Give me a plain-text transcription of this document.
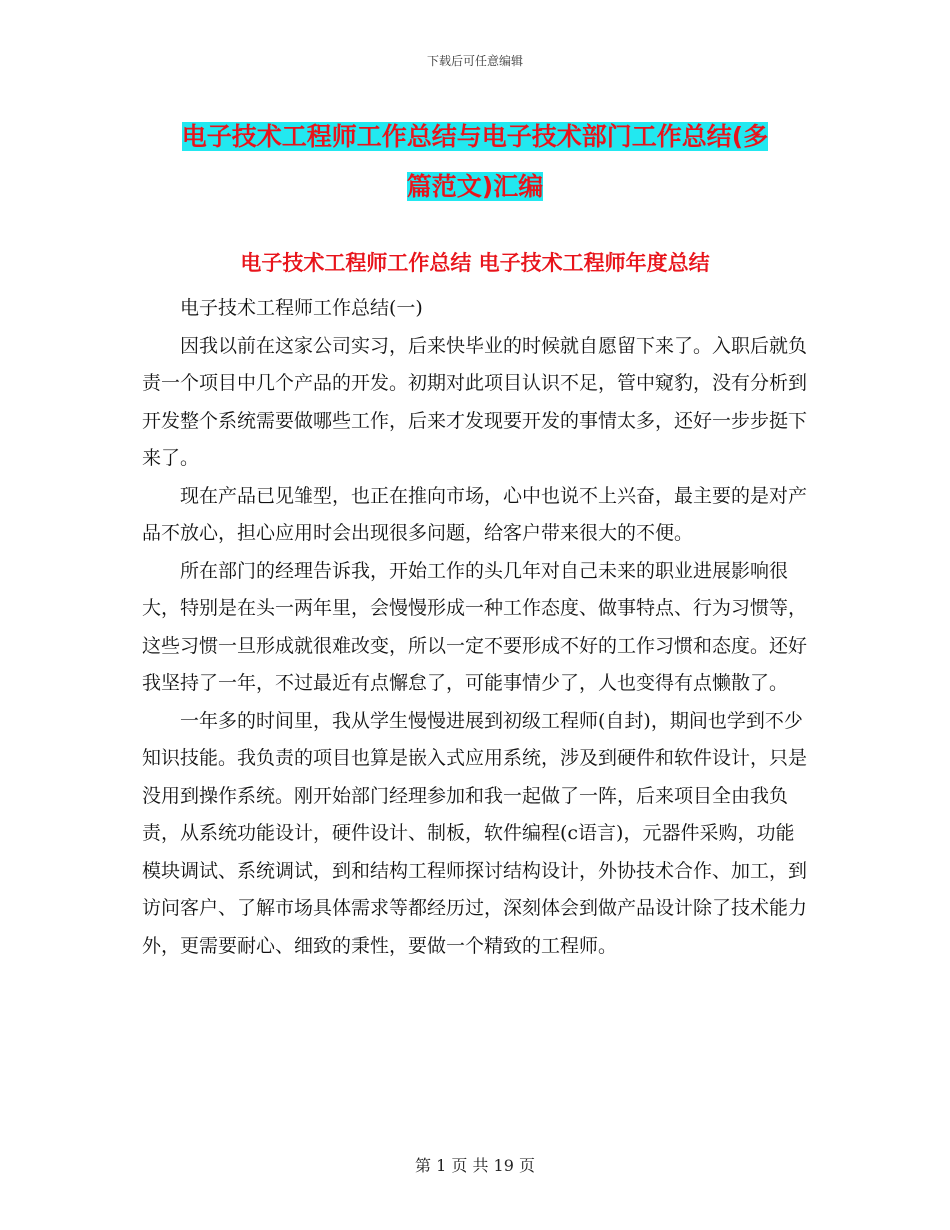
下载后可任意编辑
电子技术工程师工作总结与电子技术部门工作总结(多
篇范文)汇编
电子技术工程师工作总结 电子技术工程师年度总结

电子技术工程师工作总结(一)

因我以前在这家公司实习，后来快毕业的时候就自愿留下来了。入职后就负责一个项目中几个产品的开发。初期对此项目认识不足，管中窥豹，没有分析到开发整个系统需要做哪些工作，后来才发现要开发的事情太多，还好一步步挺下来了。

现在产品已见雏型，也正在推向市场，心中也说不上兴奋，最主要的是对产品不放心，担心应用时会出现很多问题，给客户带来很大的不便。

所在部门的经理告诉我，开始工作的头几年对自己未来的职业进展影响很大，特别是在头一两年里，会慢慢形成一种工作态度、做事特点、行为习惯等，这些习惯一旦形成就很难改变，所以一定不要形成不好的工作习惯和态度。还好我坚持了一年，不过最近有点懈怠了，可能事情少了，人也变得有点懒散了。

一年多的时间里，我从学生慢慢进展到初级工程师(自封)，期间也学到不少知识技能。我负责的项目也算是嵌入式应用系统，涉及到硬件和软件设计，只是没用到操作系统。刚开始部门经理参加和我一起做了一阵，后来项目全由我负责，从系统功能设计，硬件设计、制板，软件编程(c语言)，元器件采购，功能模块调试、系统调试，到和结构工程师探讨结构设计，外协技术合作、加工，到访问客户、了解市场具体需求等都经历过，深刻体会到做产品设计除了技术能力外，更需要耐心、细致的秉性，要做一个精致的工程师。

第 1 页 共 19 页
